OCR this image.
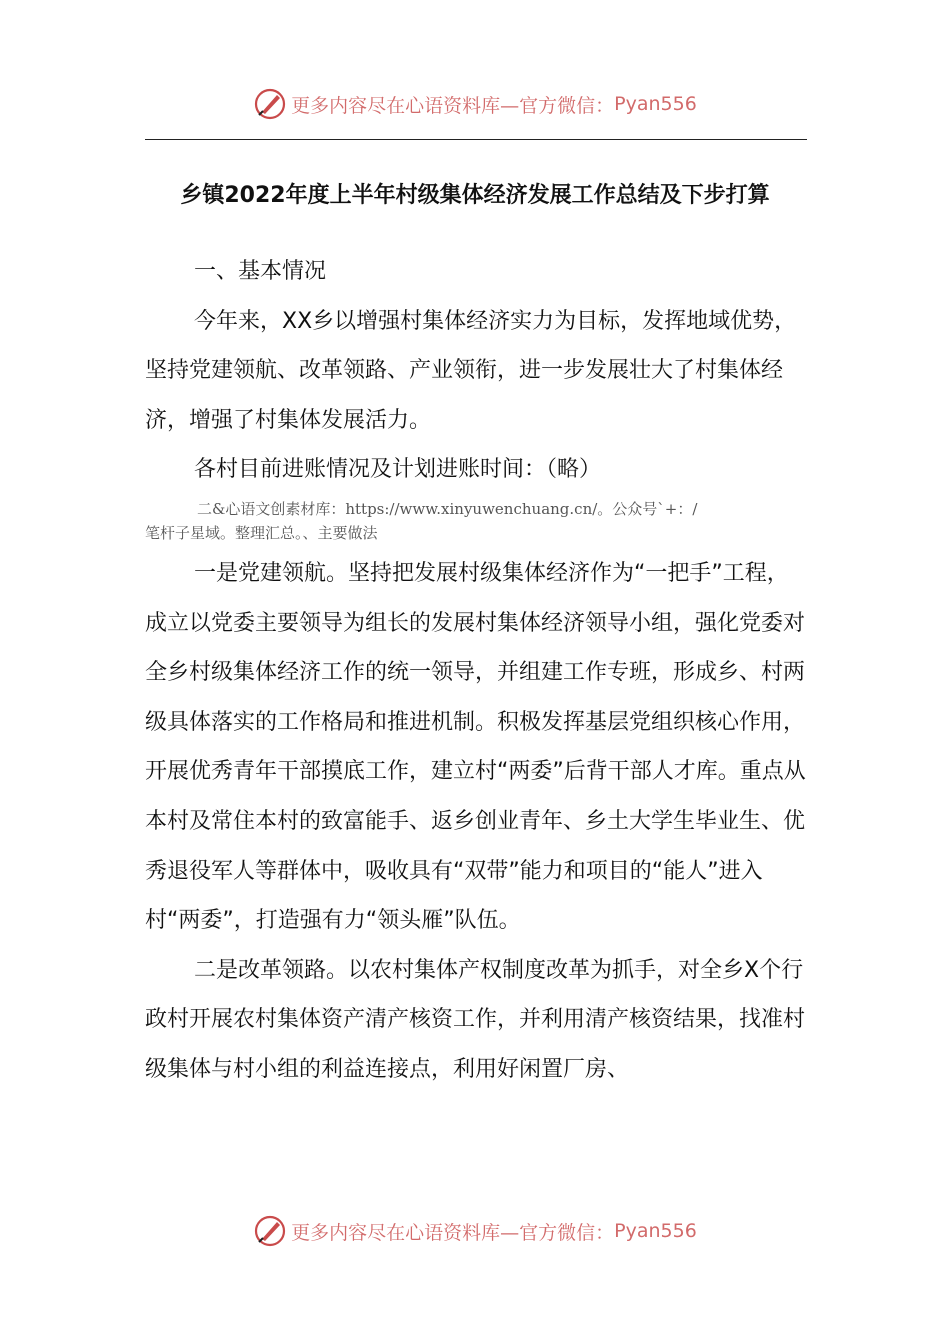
更多内容尽在心语资料库—官方微信： Pyan556
乡镇2022年度上半年村级集体经济发展工作总结及下步打算

一、基本情况

今年来，XX乡以增强村集体经济实力为目标，发挥地域优势，坚持党建领航、改革领路、产业领衔，进一步发展壮大了村集体经济，增强了村集体发展活力。

各村目前进账情况及计划进账时间：（略）

二&心语文创素材库：https://www.xinyuwenchuang.cn/。公众号`+：/
笔杆子星域。整理汇总。、主要做法

一是党建领航。坚持把发展村级集体经济作为“一把手”工程，成立以党委主要领导为组长的发展村集体经济领导小组，强化党委对全乡村级集体经济工作的统一领导，并组建工作专班，形成乡、村两级具体落实的工作格局和推进机制。积极发挥基层党组织核心作用，开展优秀青年干部摸底工作，建立村“两委”后背干部人才库。重点从本村及常住本村的致富能手、返乡创业青年、乡土大学生毕业生、优秀退役军人等群体中，吸收具有“双带”能力和项目的“能人”进入村“两委”，打造强有力“领头雁”队伍。

二是改革领路。以农村集体产权制度改革为抓手，对全乡X个行政村开展农村集体资产清产核资工作，并利用清产核资结果，找准村级集体与村小组的利益连接点，利用好闲置厂房、

更多内容尽在心语资料库—官方微信： Pyan556
